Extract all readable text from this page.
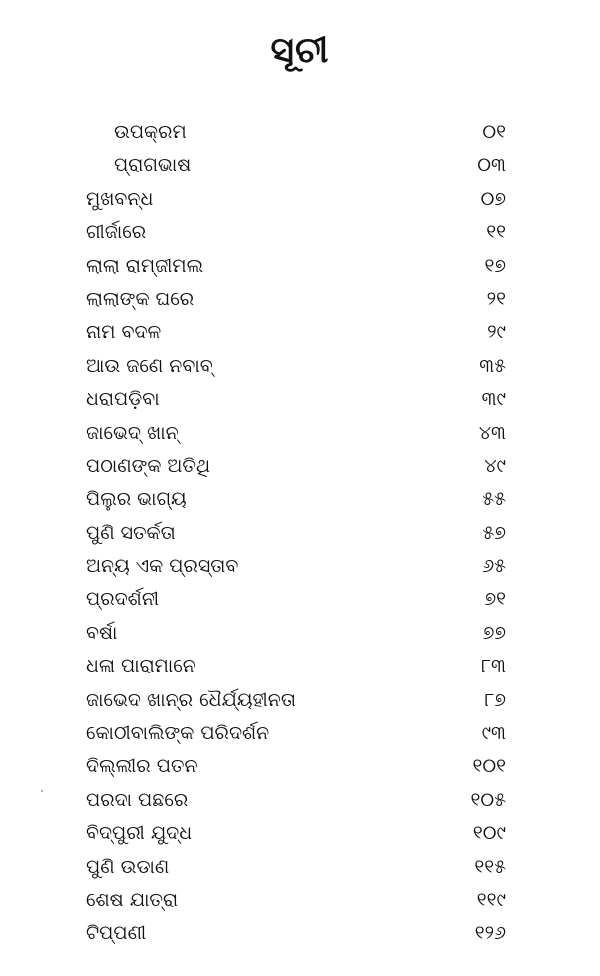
ସୂଚୀ
ଉପକ୍ରମ	୦୧
ପ୍ରାଗଭାଷ	୦୩
ମୁଖବନ୍ଧ	୦୭
ଗୀର୍ଜାରେ	୧୧
ଲାଲା ରାମ୍‌ଜୀମଲ	୧୭
ଲାଲାଙ୍କ ଘରେ	୨୧
ନାମ ବଦଳ	୨୯
ଆଉ ଜଣେ ନବାବ୍‌	୩୫
ଧରାପଡ଼ିବା	୩୯
ଜାଭେଦ୍‌ ଖାନ୍‌	୪୩
ପଠାଣଙ୍କ ଅତିଥି	୪୯
ପିଲୁର ଭାଗ୍ୟ	୫୫
ପୁଣି ସତର୍କତା	୫୭
ଅନ୍ୟ ଏକ ପ୍ରସ୍ତାବ	୬୫
ପ୍ରଦର୍ଶନୀ	୭୧
ବର୍ଷା	୭୭
ଧଳା ପାରାମାନେ	୮୩
ଜାଭେଦ ଖାନ୍‌ର ଧୈର୍ଯ୍ୟହୀନତା	୮୭
କୋଠୀବାଲିଙ୍କ ପରିଦର୍ଶନ	୯୩
ଦିଲ୍ଲୀର ପତନ	୧୦୧
ପରଦା ପଛରେ	୧୦୫
ବିଦ୍‌ପୁରୀ ଯୁଦ୍ଧ	୧୦୯
ପୁଣି ଉଡାଣ	୧୧୫
ଶେଷ ଯାତ୍ରା	୧୧୯
ଟିପ୍ପଣୀ	୧୨୬
